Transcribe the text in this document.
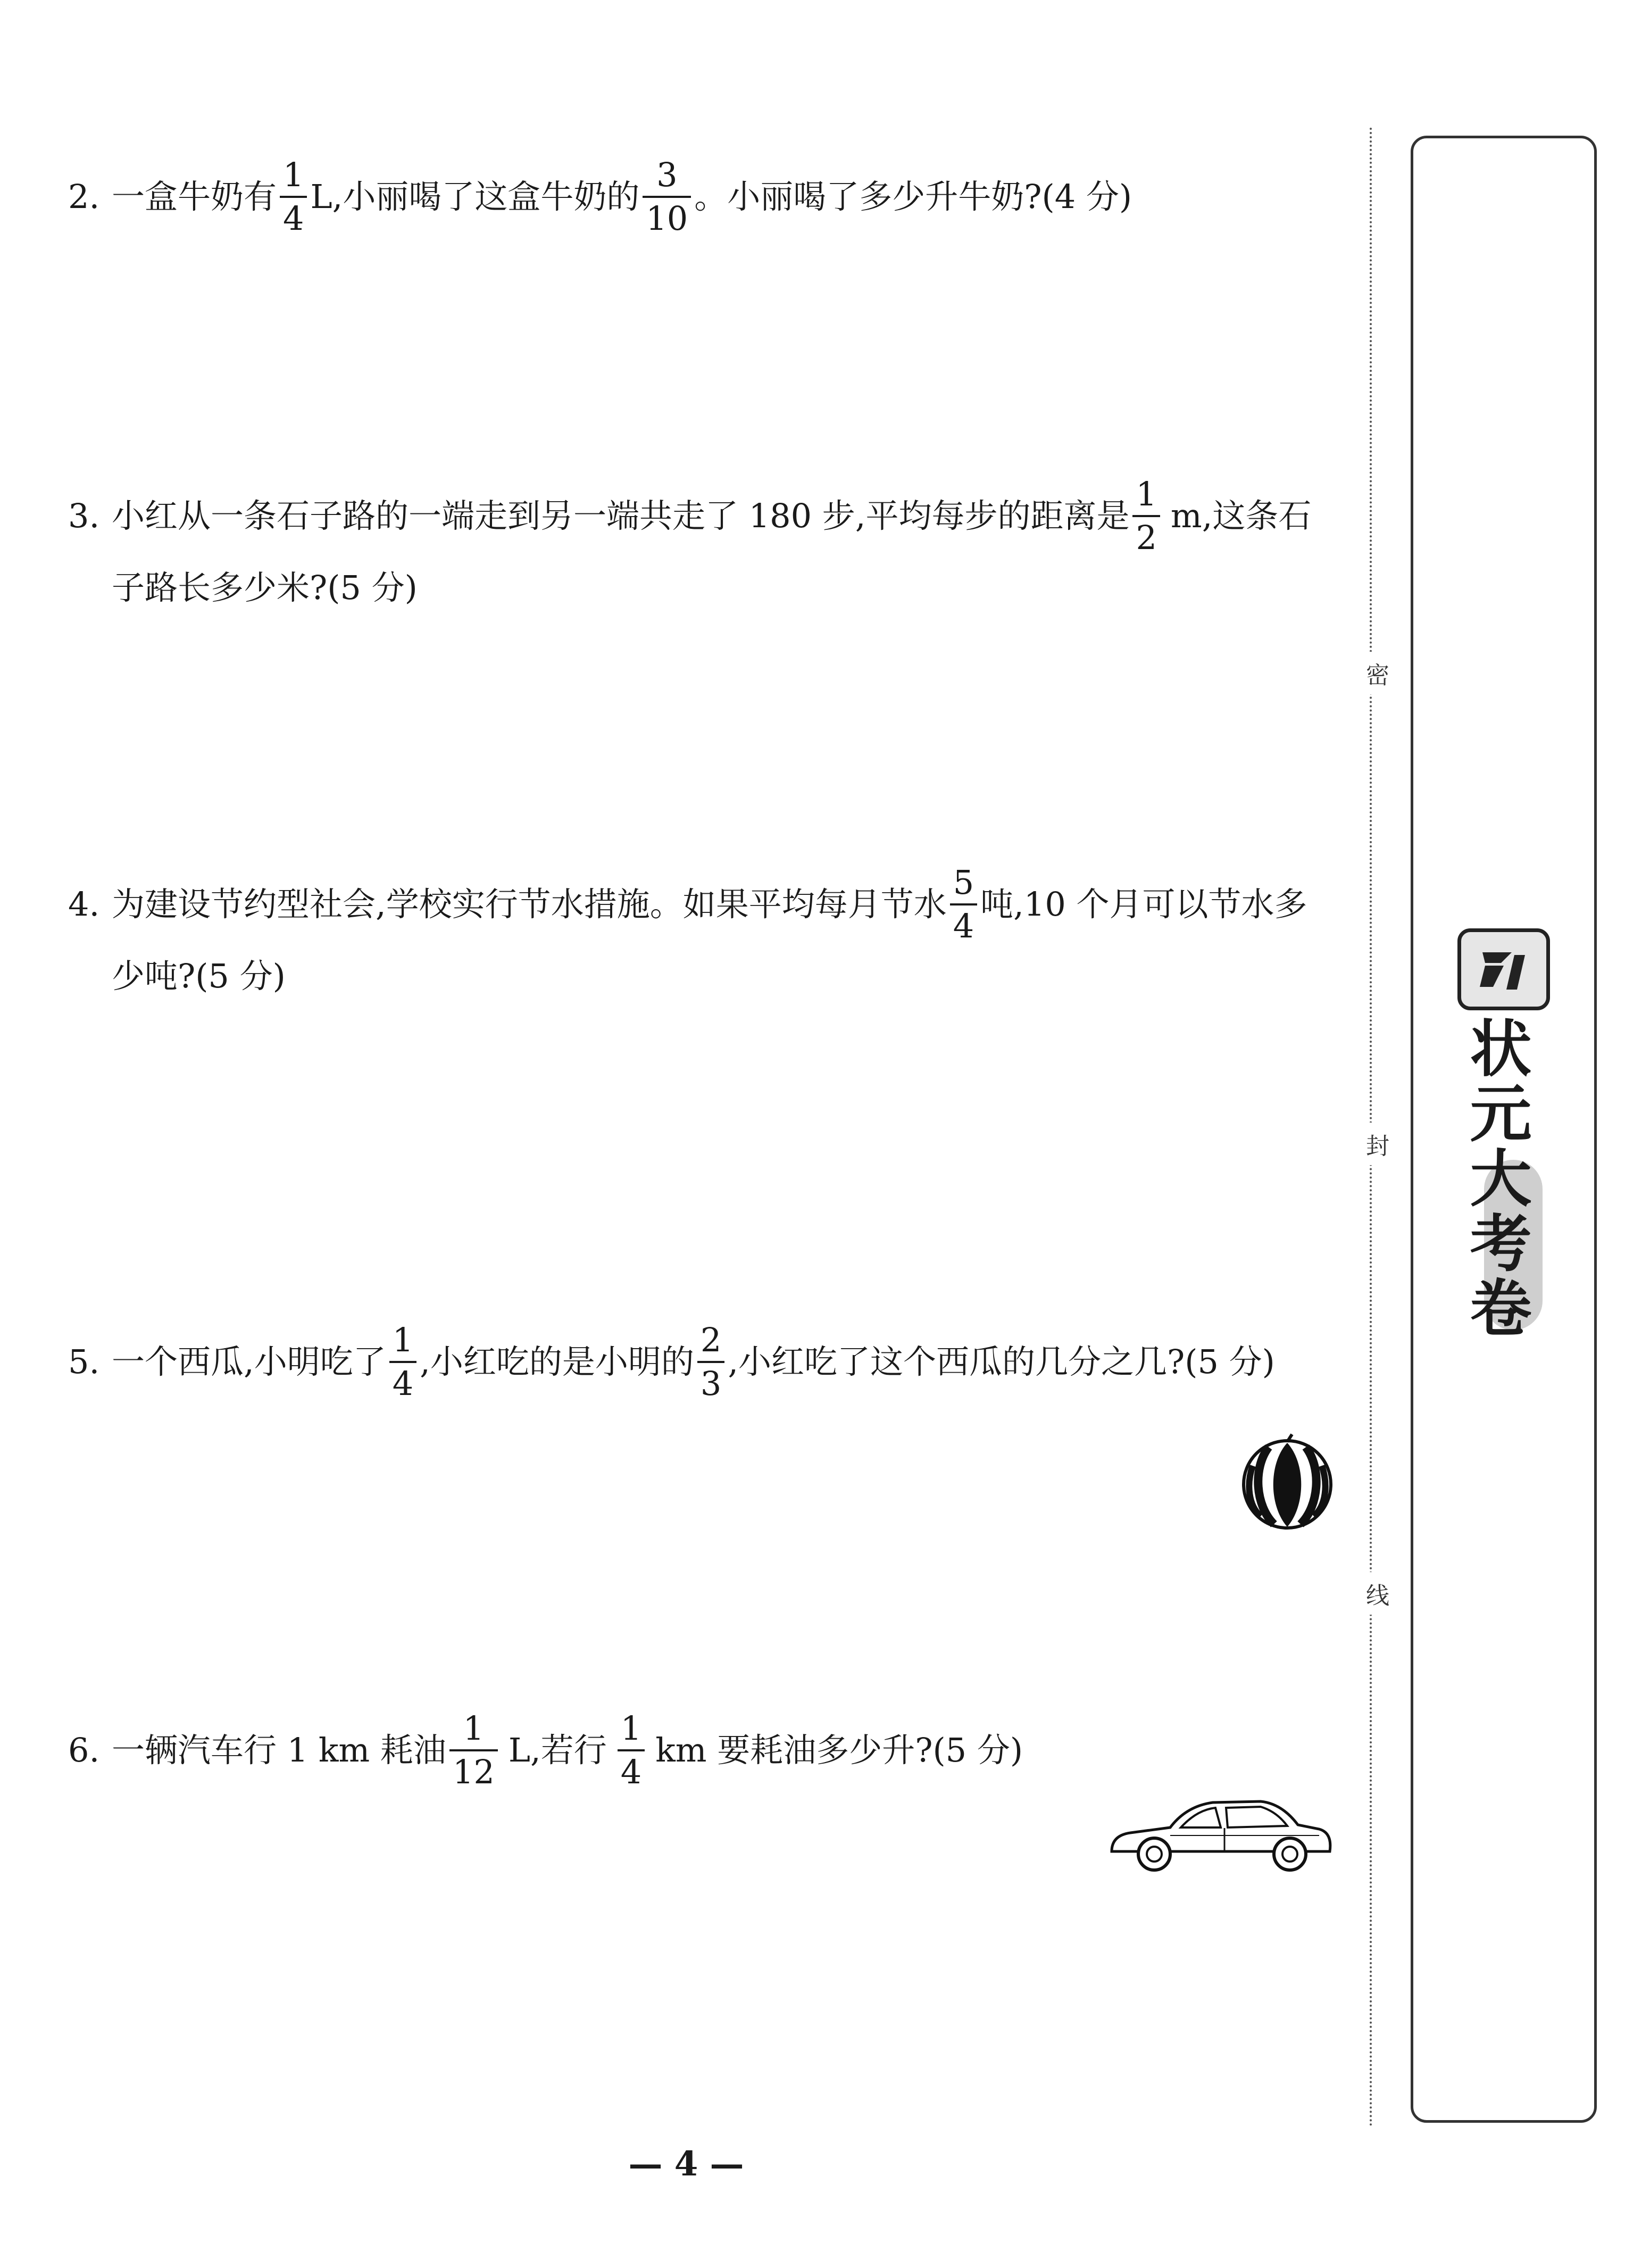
2. 一盒牛奶有 $\frac{1}{4} L$,小丽喝了这盒牛奶的 $\frac{3}{10}$ 。小丽喝了多少升牛奶?(4 分)
3. 小红从一条石子路的一端走到另一端共走了 180 步,平均每步的距离是 $\frac{1}{2} m$,这条石
子路长多少米?(5 分)
4. 为建设节约型社会,学校实行节水措施。如果平均每月节水 $\frac{5}{4}$ 吨,10 个月可以节水多
少吨?(5 分)
5. 一个西瓜,小明吃了 $\frac{1}{4}$ ,小红吃的是小明的 $\frac{2}{3}$ ,小红吃了这个西瓜的几分之几?(5 分)
6. 一辆汽车行 1 km 耗油 $\frac{1}{12} L$,若行 $\frac{1}{4}$ km 要耗油多少升?(5 分)
密
封
线
状元大考卷
— 4 —
